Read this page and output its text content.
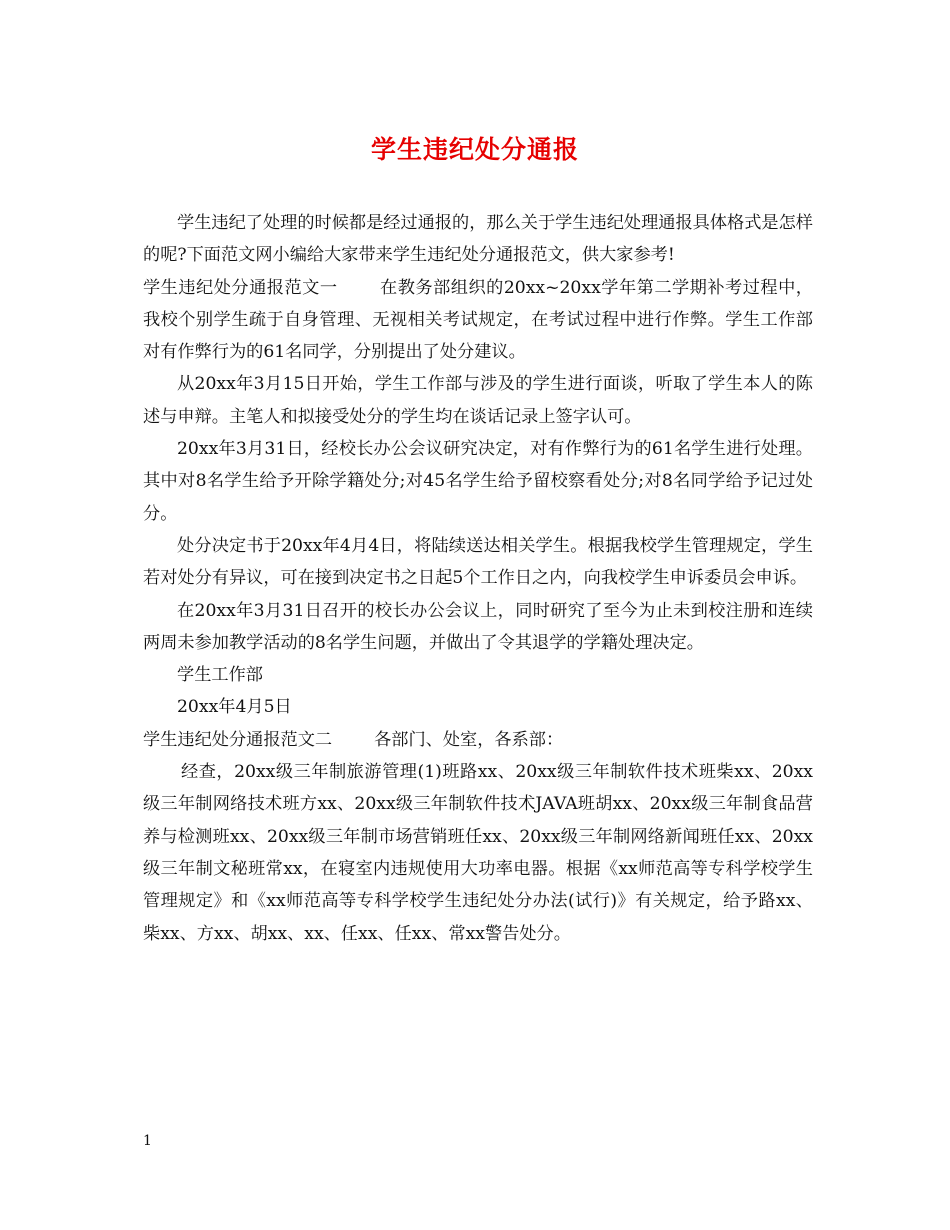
学生违纪处分通报

学生违纪了处理的时候都是经过通报的，那么关于学生违纪处理通报具体格式是怎样的呢?下面范文网小编给大家带来学生违纪处分通报范文，供大家参考!

学生违纪处分通报范文一 在教务部组织的20xx~20xx学年第二学期补考过程中，我校个别学生疏于自身管理、无视相关考试规定，在考试过程中进行作弊。学生工作部对有作弊行为的61名同学，分别提出了处分建议。

从20xx年3月15日开始，学生工作部与涉及的学生进行面谈，听取了学生本人的陈述与申辩。主笔人和拟接受处分的学生均在谈话记录上签字认可。

20xx年3月31日，经校长办公会议研究决定，对有作弊行为的61名学生进行处理。其中对8名学生给予开除学籍处分;对45名学生给予留校察看处分;对8名同学给予记过处分。

处分决定书于20xx年4月4日，将陆续送达相关学生。根据我校学生管理规定，学生若对处分有异议，可在接到决定书之日起5个工作日之内，向我校学生申诉委员会申诉。

在20xx年3月31日召开的校长办公会议上，同时研究了至今为止未到校注册和连续两周未参加教学活动的8名学生问题，并做出了令其退学的学籍处理决定。

学生工作部

20xx年4月5日

学生违纪处分通报范文二 各部门、处室，各系部：

经查，20xx级三年制旅游管理(1)班路xx、20xx级三年制软件技术班柴xx、20xx级三年制网络技术班方xx、20xx级三年制软件技术JAVA班胡xx、20xx级三年制食品营养与检测班xx、20xx级三年制市场营销班任xx、20xx级三年制网络新闻班任xx、20xx级三年制文秘班常xx，在寝室内违规使用大功率电器。根据《xx师范高等专科学校学生管理规定》和《xx师范高等专科学校学生违纪处分办法(试行)》有关规定，给予路xx、柴xx、方xx、胡xx、xx、任xx、任xx、常xx警告处分。

1
